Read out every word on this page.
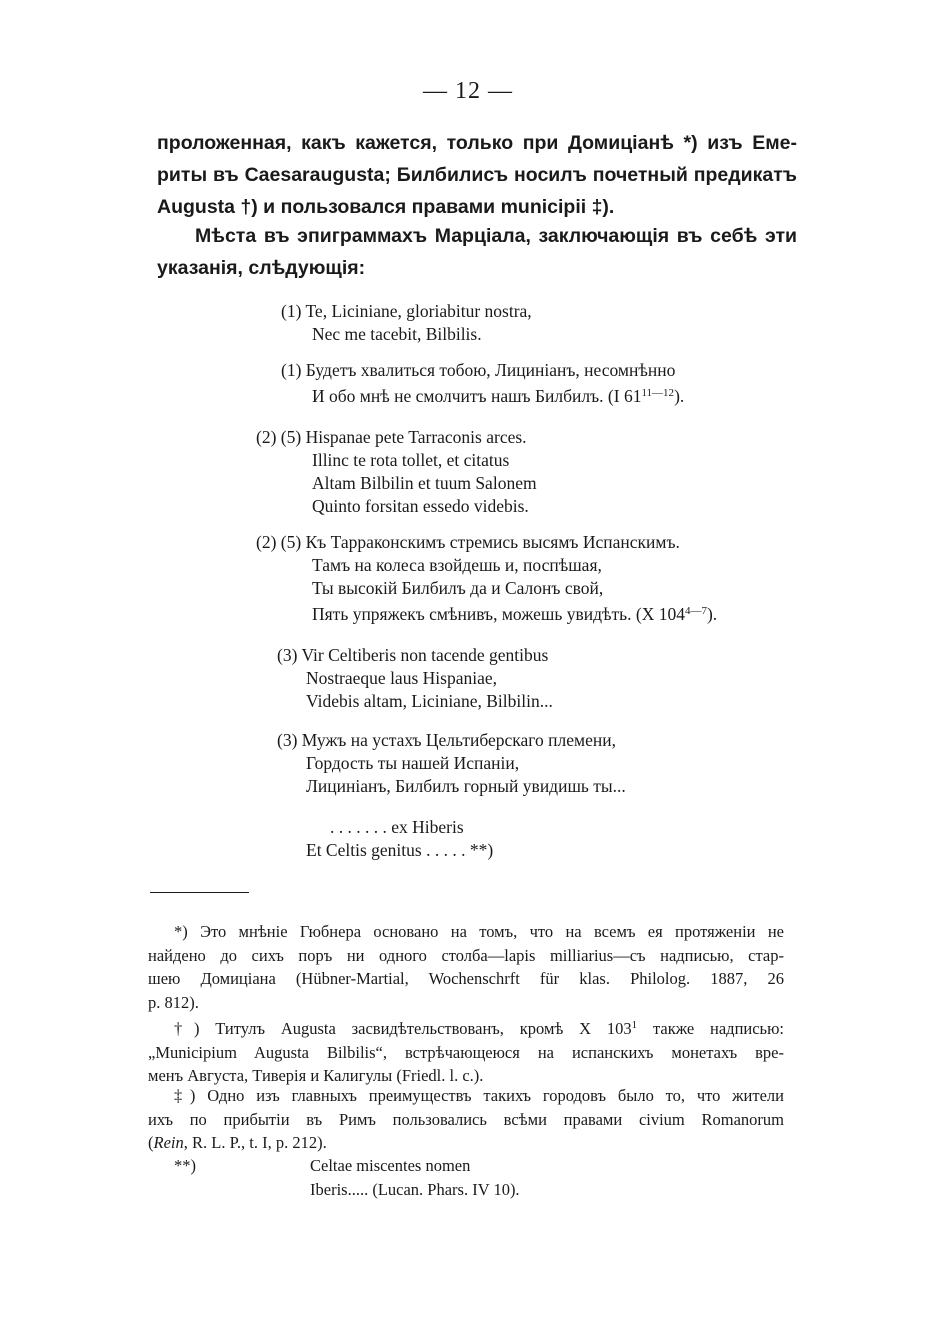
— 12 —
проложенная, какъ кажется, только при Домиціанѣ *) изъ Еме-
риты въ Caesaraugusta; Билбилисъ носилъ почетный предикатъ
Augusta †) и пользовался правами municipii ‡).
Мѣста въ эпиграммахъ Марціала, заключающія въ себѣ эти
указанія, слѣдующія:
(1) Te, Liciniane, gloriabitur nostra,
Nec me tacebit, Bilbilis.
(1) Будетъ хвалиться тобою, Лициніанъ, несомнѣнно
И обо мнѣ не смолчитъ нашъ Билбилъ. (I $61^{11—12}$).
(2) (5) Hispanae pete Tarraconis arces.
Illinc te rota tollet, et citatus
Altam Bilbilin et tuum Salonem
Quinto forsitan essedo videbis.
(2) (5) Къ Тарраконскимъ стремись высямъ Испанскимъ.
Тамъ на колеса взойдешь и, поспѣшая,
Ты высокій Билбилъ да и Салонъ свой,
Пять упряжекъ смѣнивъ, можешь увидѣть. (X $104^{4—7}$).
(3) Vir Celtiberis non tacende gentibus
Nostraeque laus Hispaniae,
Videbis altam, Liciniane, Bilbilin...
(3) Мужъ на устахъ Цельтиберскаго племени,
Гордость ты нашей Испаніи,
Лициніанъ, Билбилъ горный увидишь ты...
. . . . . . . ex Hiberis
Et Celtis genitus . . . . . **)
*) Это мнѣніе Гюбнера основано на томъ, что на всемъ ея протяженіи не
найдено до сихъ поръ ни одного столба—lapis milliarius—съ надписью, стар-
шею Домиціана (Hübner-Martial, Wochenschrft für klas. Philolog. 1887, 26
p. 812).
†) Титулъ Augusta засвидѣтельствованъ, кромѣ X $103^1$ также надписью:
„Municipium Augusta Bilbilis“, встрѣчающеюся на испанскихъ монетахъ вре-
менъ Августа, Тиверія и Калигулы (Friedl. l. c.).
‡) Одно изъ главныхъ преимуществъ такихъ городовъ было то, что жители
ихъ по прибытіи въ Римъ пользовались всѣми правами civium Romanorum
(Rein, R. L. P., t. I, p. 212).
**)	Celtae miscentes nomen
Iberis..... (Lucan. Phars. IV 10).
